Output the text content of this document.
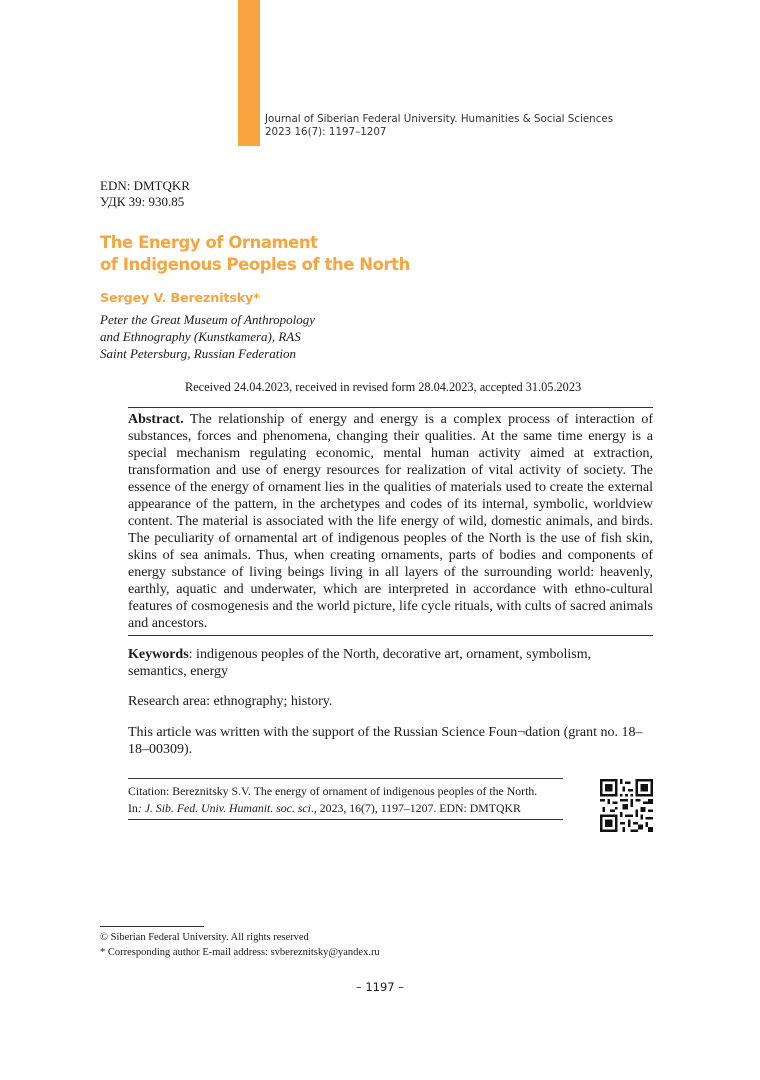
Journal of Siberian Federal University. Humanities & Social Sciences
2023 16(7): 1197–1207
EDN: DMTQKR
УДК 39: 930.85
The Energy of Ornament
of Indigenous Peoples of the North
Sergey V. Bereznitsky*
Peter the Great Museum of Anthropology
and Ethnography (Kunstkamera), RAS
Saint Petersburg, Russian Federation
Received 24.04.2023, received in revised form 28.04.2023, accepted 31.05.2023
Abstract. The relationship of energy and energy is a complex process of interaction of substances, forces and phenomena, changing their qualities. At the same time energy is a special mechanism regulating economic, mental human activity aimed at extraction, transformation and use of energy resources for realization of vital activity of society. The essence of the energy of ornament lies in the qualities of materials used to create the external appearance of the pattern, in the archetypes and codes of its internal, symbolic, worldview content. The material is associated with the life energy of wild, domestic animals, and birds. The peculiarity of ornamental art of indigenous peoples of the North is the use of fish skin, skins of sea animals. Thus, when creating ornaments, parts of bodies and components of energy substance of living beings living in all layers of the surrounding world: heavenly, earthly, aquatic and underwater, which are interpreted in accordance with ethno-cultural features of cosmogenesis and the world picture, life cycle rituals, with cults of sacred animals and ancestors.
Keywords: indigenous peoples of the North, decorative art, ornament, symbolism, semantics, energy
Research area: ethnography; history.
This article was written with the support of the Russian Science Foun¬dation (grant no. 18–18–00309).
Citation: Bereznitsky S.V. The energy of ornament of indigenous peoples of the North.
In: J. Sib. Fed. Univ. Humanit. soc. sci., 2023, 16(7), 1197–1207. EDN: DMTQKR
© Siberian Federal University. All rights reserved
* Corresponding author E-mail address: svbereznitsky@yandex.ru
– 1197 –
